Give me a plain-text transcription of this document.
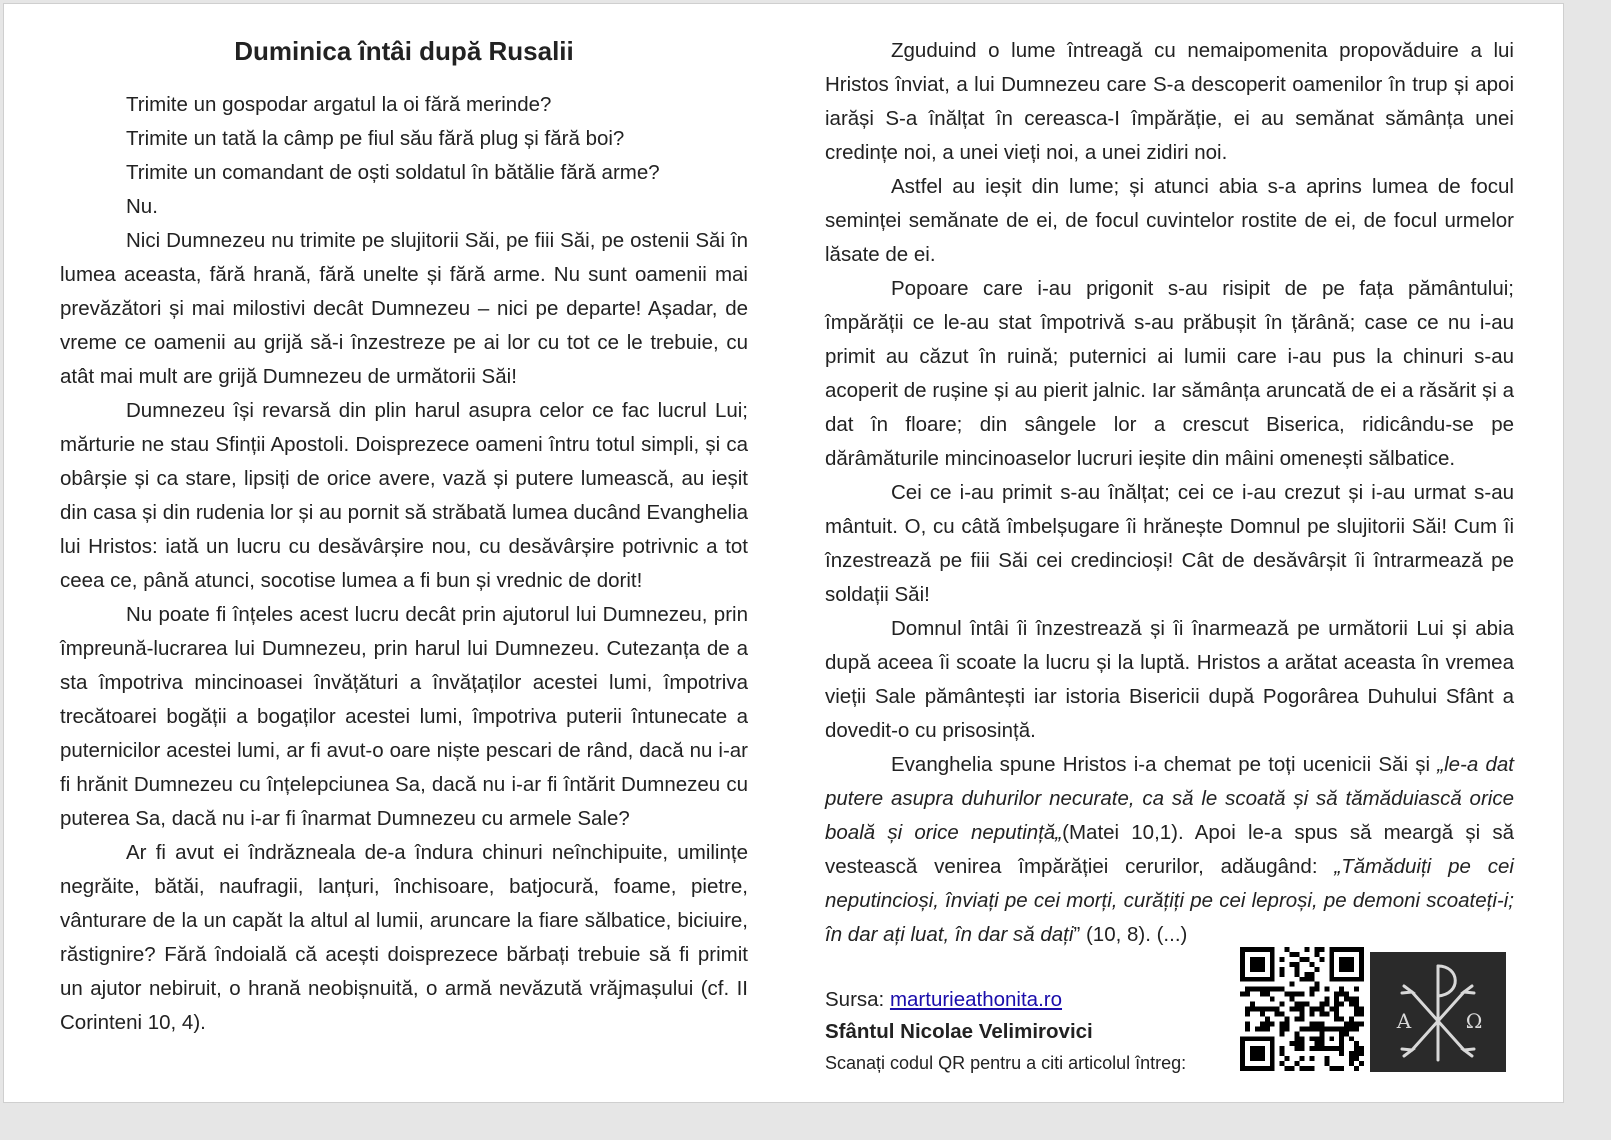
Duminica întâi după Rusalii

Trimite un gospodar argatul la oi fără merinde?

Trimite un tată la câmp pe fiul său fără plug și fără boi?

Trimite un comandant de oști soldatul în bătălie fără arme?

Nu.

Nici Dumnezeu nu trimite pe slujitorii Săi, pe fiii Săi, pe ostenii Săi în lumea aceasta, fără hrană, fără unelte și fără arme. Nu sunt oamenii mai prevăzători și mai milostivi decât Dumnezeu – nici pe departe! Așadar, de vreme ce oamenii au grijă să-i înzestreze pe ai lor cu tot ce le trebuie, cu atât mai mult are grijă Dumnezeu de următorii Săi!

Dumnezeu își revarsă din plin harul asupra celor ce fac lucrul Lui; mărturie ne stau Sfinții Apostoli. Doisprezece oameni întru totul simpli, și ca obârșie și ca stare, lipsiți de orice avere, vază și putere lumească, au ieșit din casa și din rudenia lor și au pornit să străbată lumea ducând Evanghelia lui Hristos: iată un lucru cu desăvârșire nou, cu desăvârșire potrivnic a tot ceea ce, până atunci, socotise lumea a fi bun și vrednic de dorit!

Nu poate fi înțeles acest lucru decât prin ajutorul lui Dumnezeu, prin împreună-lucrarea lui Dumnezeu, prin harul lui Dumnezeu. Cutezanța de a sta împotriva mincinoasei învățături a învățaților acestei lumi, împotriva trecătoarei bogății a bogaților acestei lumi, împotriva puterii întunecate a puternicilor acestei lumi, ar fi avut-o oare niște pescari de rând, dacă nu i-ar fi hrănit Dumnezeu cu înțelepciunea Sa, dacă nu i-ar fi întărit Dumnezeu cu puterea Sa, dacă nu i-ar fi înarmat Dumnezeu cu armele Sale?

Ar fi avut ei îndrăzneala de-a îndura chinuri neînchipuite, umilințe negrăite, bătăi, naufragii, lanțuri, închisoare, batjocură, foame, pietre, vânturare de la un capăt la altul al lumii, aruncare la fiare sălbatice, biciuire, răstignire? Fără îndoială că acești doisprezece bărbați trebuie să fi primit un ajutor nebiruit, o hrană neobișnuită, o armă nevăzută vrăjmașului (cf. II Corinteni 10, 4).

Zguduind o lume întreagă cu nemaipomenita propovăduire a lui Hristos înviat, a lui Dumnezeu care S-a descoperit oamenilor în trup și apoi iarăși S-a înălțat în cereasca-I împărăție, ei au semănat sămânța unei credințe noi, a unei vieți noi, a unei zidiri noi.

Astfel au ieșit din lume; și atunci abia s-a aprins lumea de focul seminței semănate de ei, de focul cuvintelor rostite de ei, de focul urmelor lăsate de ei.

Popoare care i-au prigonit s-au risipit de pe fața pământului; împărății ce le-au stat împotrivă s-au prăbușit în țărână; case ce nu i-au primit au căzut în ruină; puternici ai lumii care i-au pus la chinuri s-au acoperit de rușine și au pierit jalnic. Iar sămânța aruncată de ei a răsărit și a dat în floare; din sângele lor a crescut Biserica, ridicându-se pe dărâmăturile mincinoaselor lucruri ieșite din mâini omenești sălbatice.

Cei ce i-au primit s-au înălțat; cei ce i-au crezut și i-au urmat s-au mântuit. O, cu câtă îmbelșugare îi hrănește Domnul pe slujitorii Săi! Cum îi înzestrează pe fiii Săi cei credincioși! Cât de desăvârșit îi întrarmează pe soldații Săi!

Domnul întâi îi înzestrează și îi înarmează pe următorii Lui și abia după aceea îi scoate la lucru și la luptă. Hristos a arătat aceasta în vremea vieții Sale pământești iar istoria Bisericii după Pogorârea Duhului Sfânt a dovedit-o cu prisosință.

Evanghelia spune Hristos i-a chemat pe toți ucenicii Săi și „le-a dat putere asupra duhurilor necurate, ca să le scoată și să tămăduiască orice boală și orice neputință„(Matei 10,1). Apoi le-a spus să meargă și să vestească venirea împărăției cerurilor, adăugând: „Tămăduiți pe cei neputincioși, înviați pe cei morți, curățiți pe cei leproși, pe demoni scoateți-i; în dar ați luat, în dar să dați” (10, 8). (...)

Sursa: marturieathonita.ro
Sfântul Nicolae Velimirovici
Scanați codul QR pentru a citi articolul întreg:
Α	Ω
